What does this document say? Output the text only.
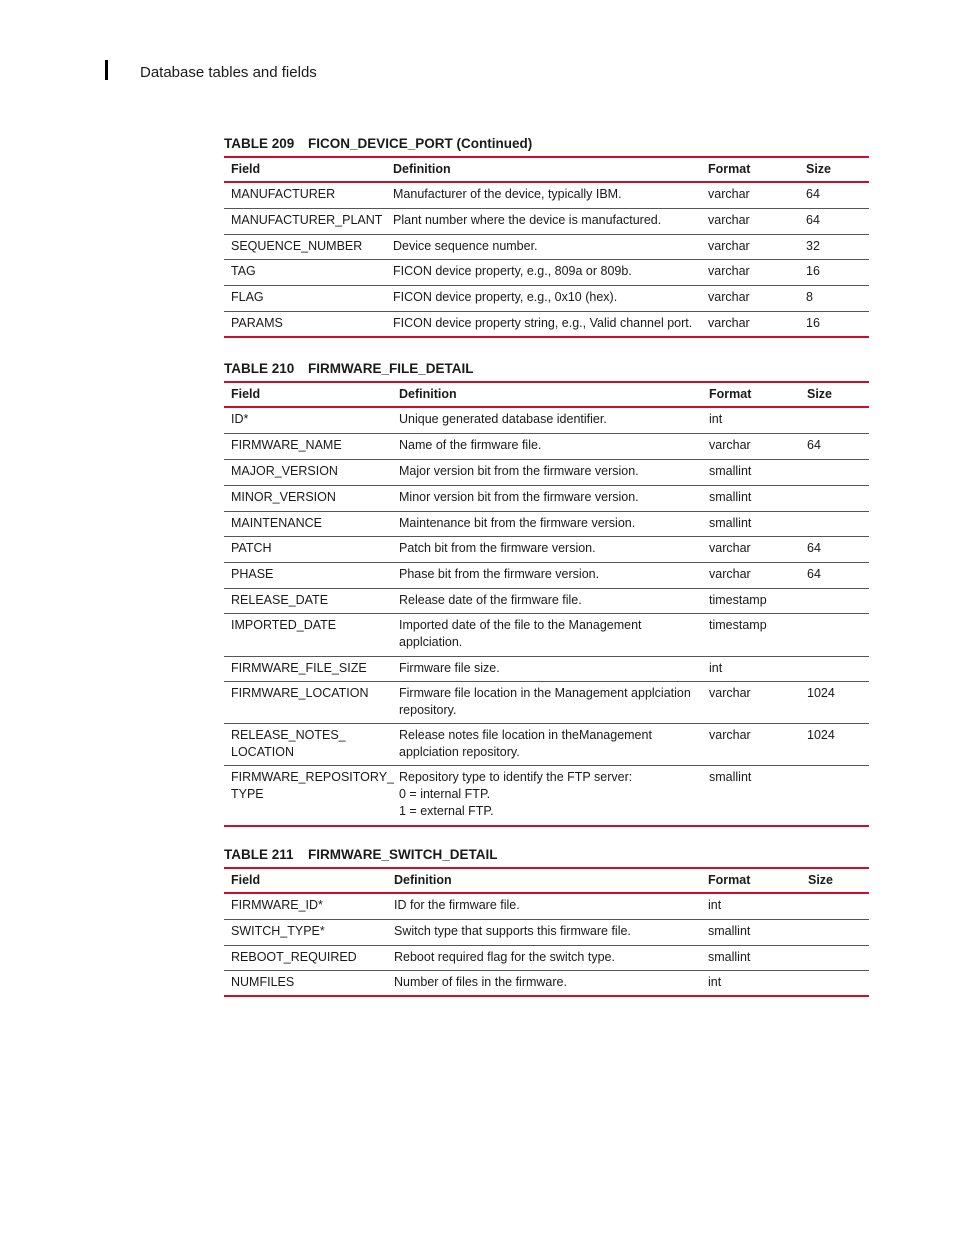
Database tables and fields
TABLE 209 FICON_DEVICE_PORT (Continued)
Field	Definition	Format	Size
MANUFACTURER	Manufacturer of the device, typically IBM.	varchar	64
MANUFACTURER_PLANT	Plant number where the device is manufactured.	varchar	64
SEQUENCE_NUMBER	Device sequence number.	varchar	32
TAG	FICON device property, e.g., 809a or 809b.	varchar	16
FLAG	FICON device property, e.g., 0x10 (hex).	varchar	8
PARAMS	FICON device property string, e.g., Valid channel port.	varchar	16
TABLE 210 FIRMWARE_FILE_DETAIL
Field	Definition	Format	Size
ID*	Unique generated database identifier.	int	
FIRMWARE_NAME	Name of the firmware file.	varchar	64
MAJOR_VERSION	Major version bit from the firmware version.	smallint	
MINOR_VERSION	Minor version bit from the firmware version.	smallint	
MAINTENANCE	Maintenance bit from the firmware version.	smallint	
PATCH	Patch bit from the firmware version.	varchar	64
PHASE	Phase bit from the firmware version.	varchar	64
RELEASE_DATE	Release date of the firmware file.	timestamp	
IMPORTED_DATE	Imported date of the file to the Management applciation.	timestamp	
FIRMWARE_FILE_SIZE	Firmware file size.	int	
FIRMWARE_LOCATION	Firmware file location in the Management applciation repository.	varchar	1024
RELEASE_NOTES_ LOCATION	Release notes file location in theManagement applciation repository.	varchar	1024
FIRMWARE_REPOSITORY_ TYPE	Repository type to identify the FTP server:
0 = internal FTP.
1 = external FTP.	smallint	
TABLE 211 FIRMWARE_SWITCH_DETAIL
Field	Definition	Format	Size
FIRMWARE_ID*	ID for the firmware file.	int	
SWITCH_TYPE*	Switch type that supports this firmware file.	smallint	
REBOOT_REQUIRED	Reboot required flag for the switch type.	smallint	
NUMFILES	Number of files in the firmware.	int	
